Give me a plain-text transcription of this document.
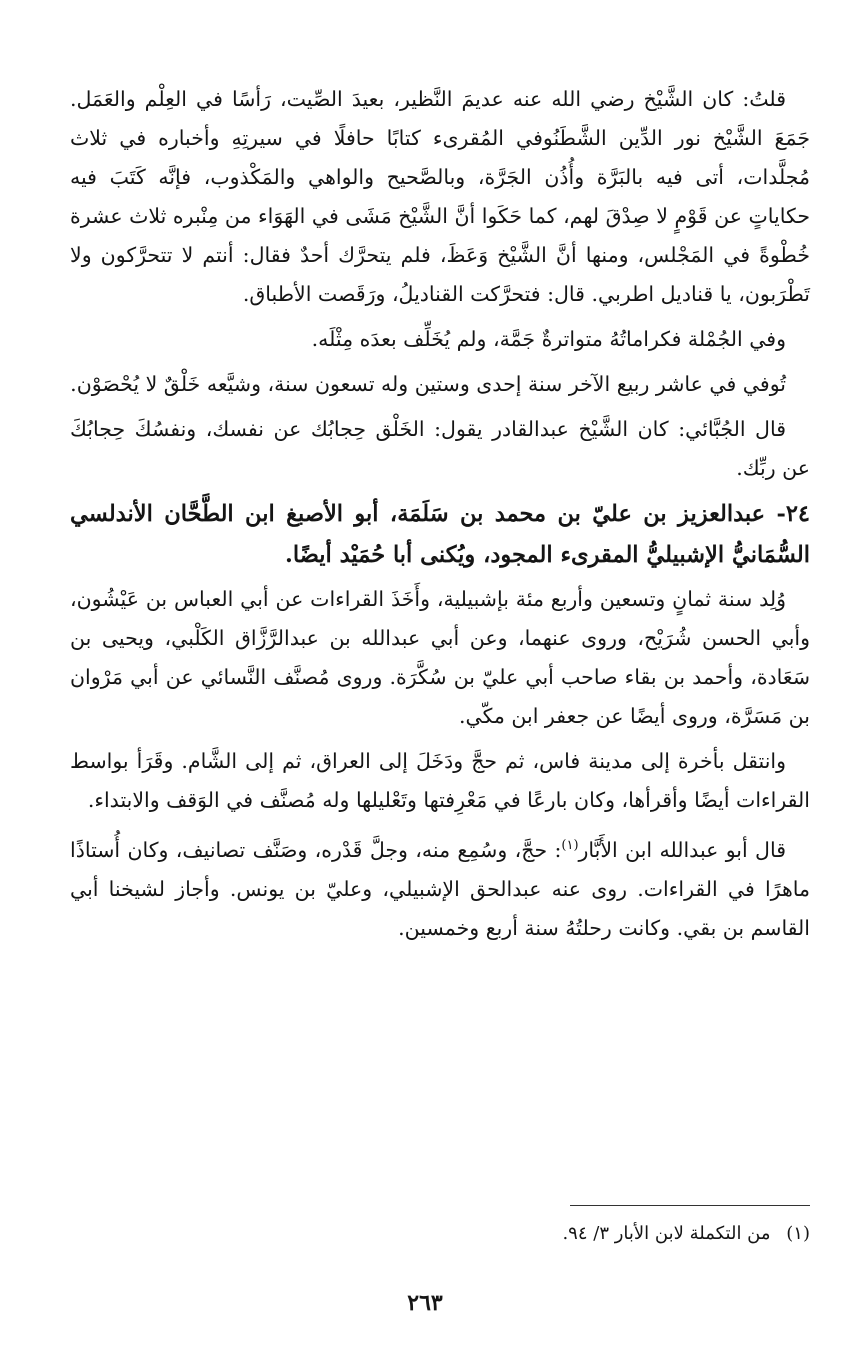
قلتُ: كان الشَّيْخ رضي الله عنه عديمَ النَّظير، بعيدَ الصِّيت، رَأسًا في العِلْم والعَمَل. جَمَعَ الشَّيْخ نور الدِّين الشَّطَنُوفي المُقرىء كتابًا حافلًا في سيرتِهِ وأخباره في ثلاث مُجلَّدات، أتى فيه بالبَرَّة وأُذُن الجَرَّة، وبالصَّحيح والواهي والمَكْذوب، فإنَّه كَتَبَ فيه حكاياتٍ عن قَوْمٍ لا صِدْقَ لهم، كما حَكَوا أنَّ الشَّيْخ مَشَى في الهَوَاء من مِنْبره ثلاث عشرة خُطْوةً في المَجْلس، ومنها أنَّ الشَّيْخ وَعَظَ، فلم يتحرَّك أحدٌ فقال: أنتم لا تتحرَّكون ولا تَطْرَبون، يا قناديل اطربي. قال: فتحرَّكت القناديلُ، ورَقَصت الأطباق.

وفي الجُمْلة فكراماتُهُ متواترةٌ جَمَّة، ولم يُخَلِّف بعدَه مِثْلَه.

تُوفي في عاشر ربيع الآخر سنة إحدى وستين وله تسعون سنة، وشيَّعه خَلْقٌ لا يُحْصَوْن.

قال الجُبَّائي: كان الشَّيْخ عبدالقادر يقول: الخَلْق حِجابُك عن نفسك، ونفسُكَ حِجابُكَ عن ربِّك.

٢٤- عبدالعزيز بن عليّ بن محمد بن سَلَمَة، أبو الأصبغ ابن الطَّحَّان الأندلسي السُّمَانيُّ الإشبيليُّ المقرىء المجود، ويُكنى أبا حُمَيْد أيضًا.

وُلِد سنة ثمانٍ وتسعين وأربع مئة بإشبيلية، وأَخَذَ القراءات عن أبي العباس بن عَيْشُون، وأبي الحسن شُرَيْح، وروى عنهما، وعن أبي عبدالله بن عبدالرَّزَّاق الكَلْبي، ويحيى بن سَعَادة، وأحمد بن بقاء صاحب أبي عليّ بن سُكَّرَة. وروى مُصنَّف النَّسائي عن أبي مَرْوان بن مَسَرَّة، وروى أيضًا عن جعفر ابن مكّي.

وانتقل بأخرة إلى مدينة فاس، ثم حجَّ ودَخَلَ إلى العراق، ثم إلى الشَّام. وقَرَأ بواسط القراءات أيضًا وأقرأها، وكان بارعًا في مَعْرِفتها وتَعْليلها وله مُصنَّف في الوَقف والابتداء.

قال أبو عبدالله ابن الأَبَّار$^{(١)}$: حجَّ، وسُمِع منه، وجلَّ قَدْره، وصَنَّف تصانيف، وكان أُستاذًا ماهرًا في القراءات. روى عنه عبدالحق الإشبيلي، وعليّ بن يونس. وأجاز لشيخنا أبي القاسم بن بقي. وكانت رحلتُهُ سنة أربع وخمسين.

(١) من التكملة لابن الأبار ٣/ ٩٤.
٢٦٣
